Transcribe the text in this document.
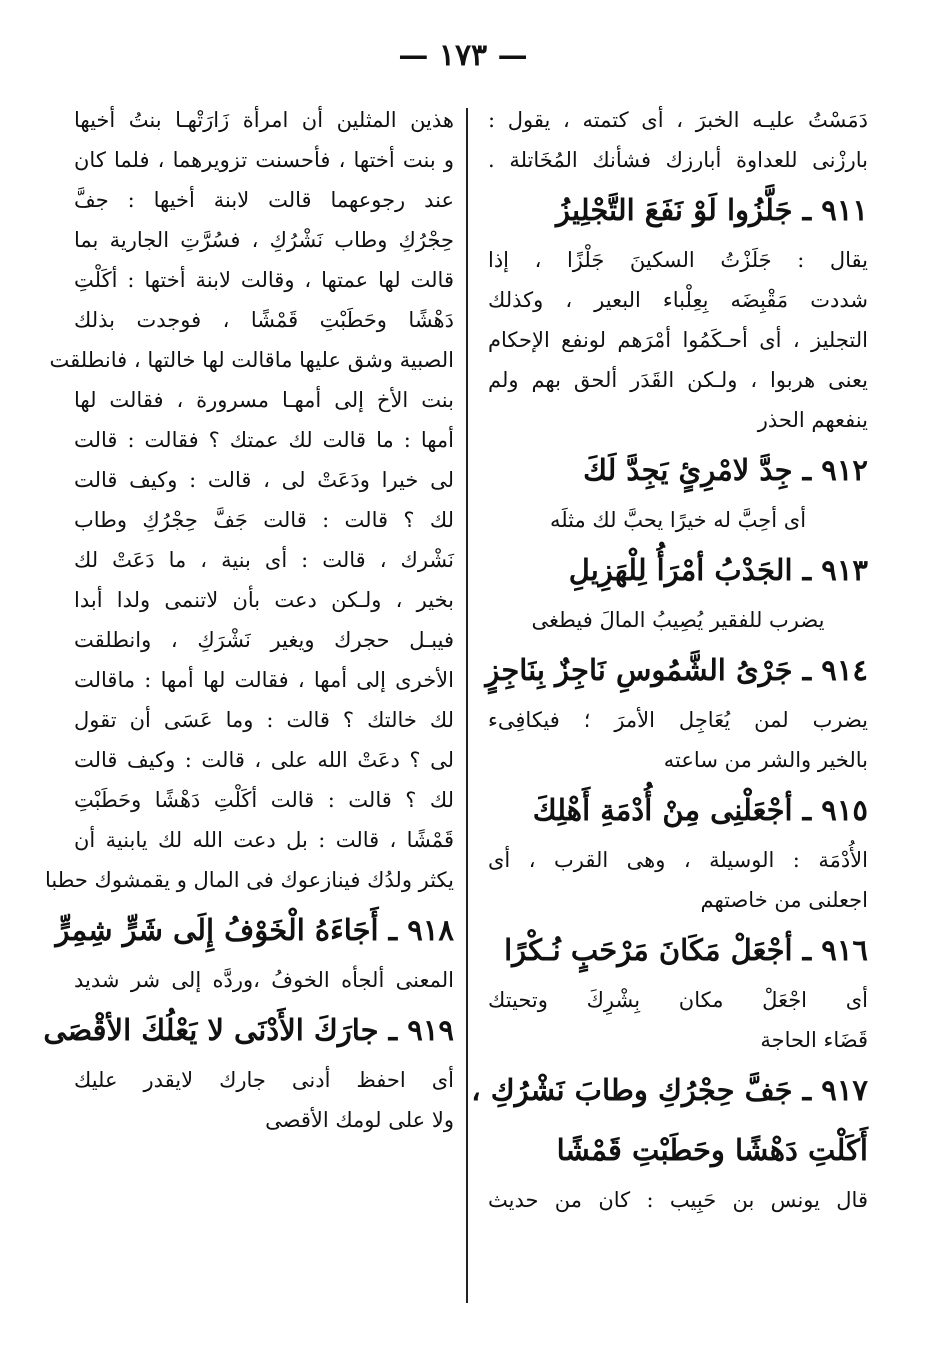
— ١٧٣ —
دَمَسْتُ عليـه الخبرَ ، أى كتمته ، يقول :
بارزْنى للعداوة أبارزك فشأنك المُخَاتلة .
٩١١ ـ جَلَّزُوا لَوْ نَفَعَ التَّجْلِيزُ
يقال : جَلَزْتُ السكينَ جَلْزًا ، إذا
شددت مَقْبِضَه بِعِلْباء البعير ، وكذلك
التجليز ، أى أحـكَمُوا أمْرَهم لونفع الإحكام
يعنى هربوا ، ولـكن القَدَر ألحق بهم ولم
ينفعهم الحذر
٩١٢ ـ جِدَّ لامْرِئٍ يَجِدَّ لَكَ
أى أحِبَّ له خيرًا يحبَّ لك مثلَه
٩١٣ ـ الجَدْبُ أمْرَأُ لِلْهَزِيلِ
يضرب للفقير يُصِيبُ المالَ فيطغى
٩١٤ ـ جَرْىُ الشَّمُوسِ نَاجِزٌ بِنَاجِزٍ
يضرب لمن يُعَاجِل الأمرَ ؛ فيكافِىء
بالخير والشر من ساعته
٩١٥ ـ أجْعَلْنِى مِنْ أُدْمَةِ أَهْلِكَ
الأُدْمَة : الوسيلة ، وهى القرب ، أى
اجعلنى من خاصتهم
٩١٦ ـ أجْعَلْ مَكَانَ مَرْحَبٍ نُـكْرًا
أى اجْعَلْ مكان بِشْرِكَ وتحيتك
قَضَاء الحاجة
٩١٧ ـ جَفَّ حِجْرُكِ وطابَ نَشْرُكِ ،
أَكَلْتِ دَهْشًا وحَطَبْتِ قَمْشًا
قال يونس بن حَبِيب : كان من حديث
هذين المثلين أن امرأة زَارَتْهـا بنتُ أخيها
و بنت أختها ، فأحسنت تزويرهما ، فلما كان
عند رجوعهما قالت لابنة أخيها : جفَّ
حِجْرُكِ وطاب نَشْرُكِ ، فسُرَّتِ الجارية بما
قالت لها عمتها ، وقالت لابنة أختها : أكَلْتِ
دَهْشًا وحَطَبْتِ قَمْشًا ، فوجدت بذلك
الصبية وشق عليها ماقالت لها خالتها ، فانطلقت
بنت الأخ إلى أمهـا مسرورة ، فقالت لها
أمها : ما قالت لك عمتك ؟ فقالت : قالت
لى خيرا ودَعَتْ لى ، قالت : وكيف قالت
لك ؟ قالت : قالت جَفَّ حِجْرُكِ وطاب
نَشْرك ، قالت : أى بنية ، ما دَعَتْ لك
بخير ، ولـكن دعت بأن لاتنمى ولدا أبدا
فيبـل حجرك ويغير نَشْرَكِ ، وانطلقت
الأخرى إلى أمها ، فقالت لها أمها : ماقالت
لك خالتك ؟ قالت : وما عَسَى أن تقول
لى ؟ دعَتْ الله على ، قالت : وكيف قالت
لك ؟ قالت : قالت أكَلْتِ دَهْشًا وحَطَبْتِ
قَمْشًا ، قالت : بل دعت الله لك يابنية أن
يكثر ولدُك فينازعوك فى المال و يقمشوك حطبا
٩١٨ ـ أَجَاءَهُ الْخَوْفُ إِلَى شَرٍّ شِمِرٍّ
المعنى ألجأه الخوفُ ،وردَّه إلى شر شديد
٩١٩ ـ جارَكَ الأَدْنَى لا يَعْلُكَ الأقْصَى
أى احفظ أدنى جارك لايقدر عليك
ولا على لومك الأقصى
